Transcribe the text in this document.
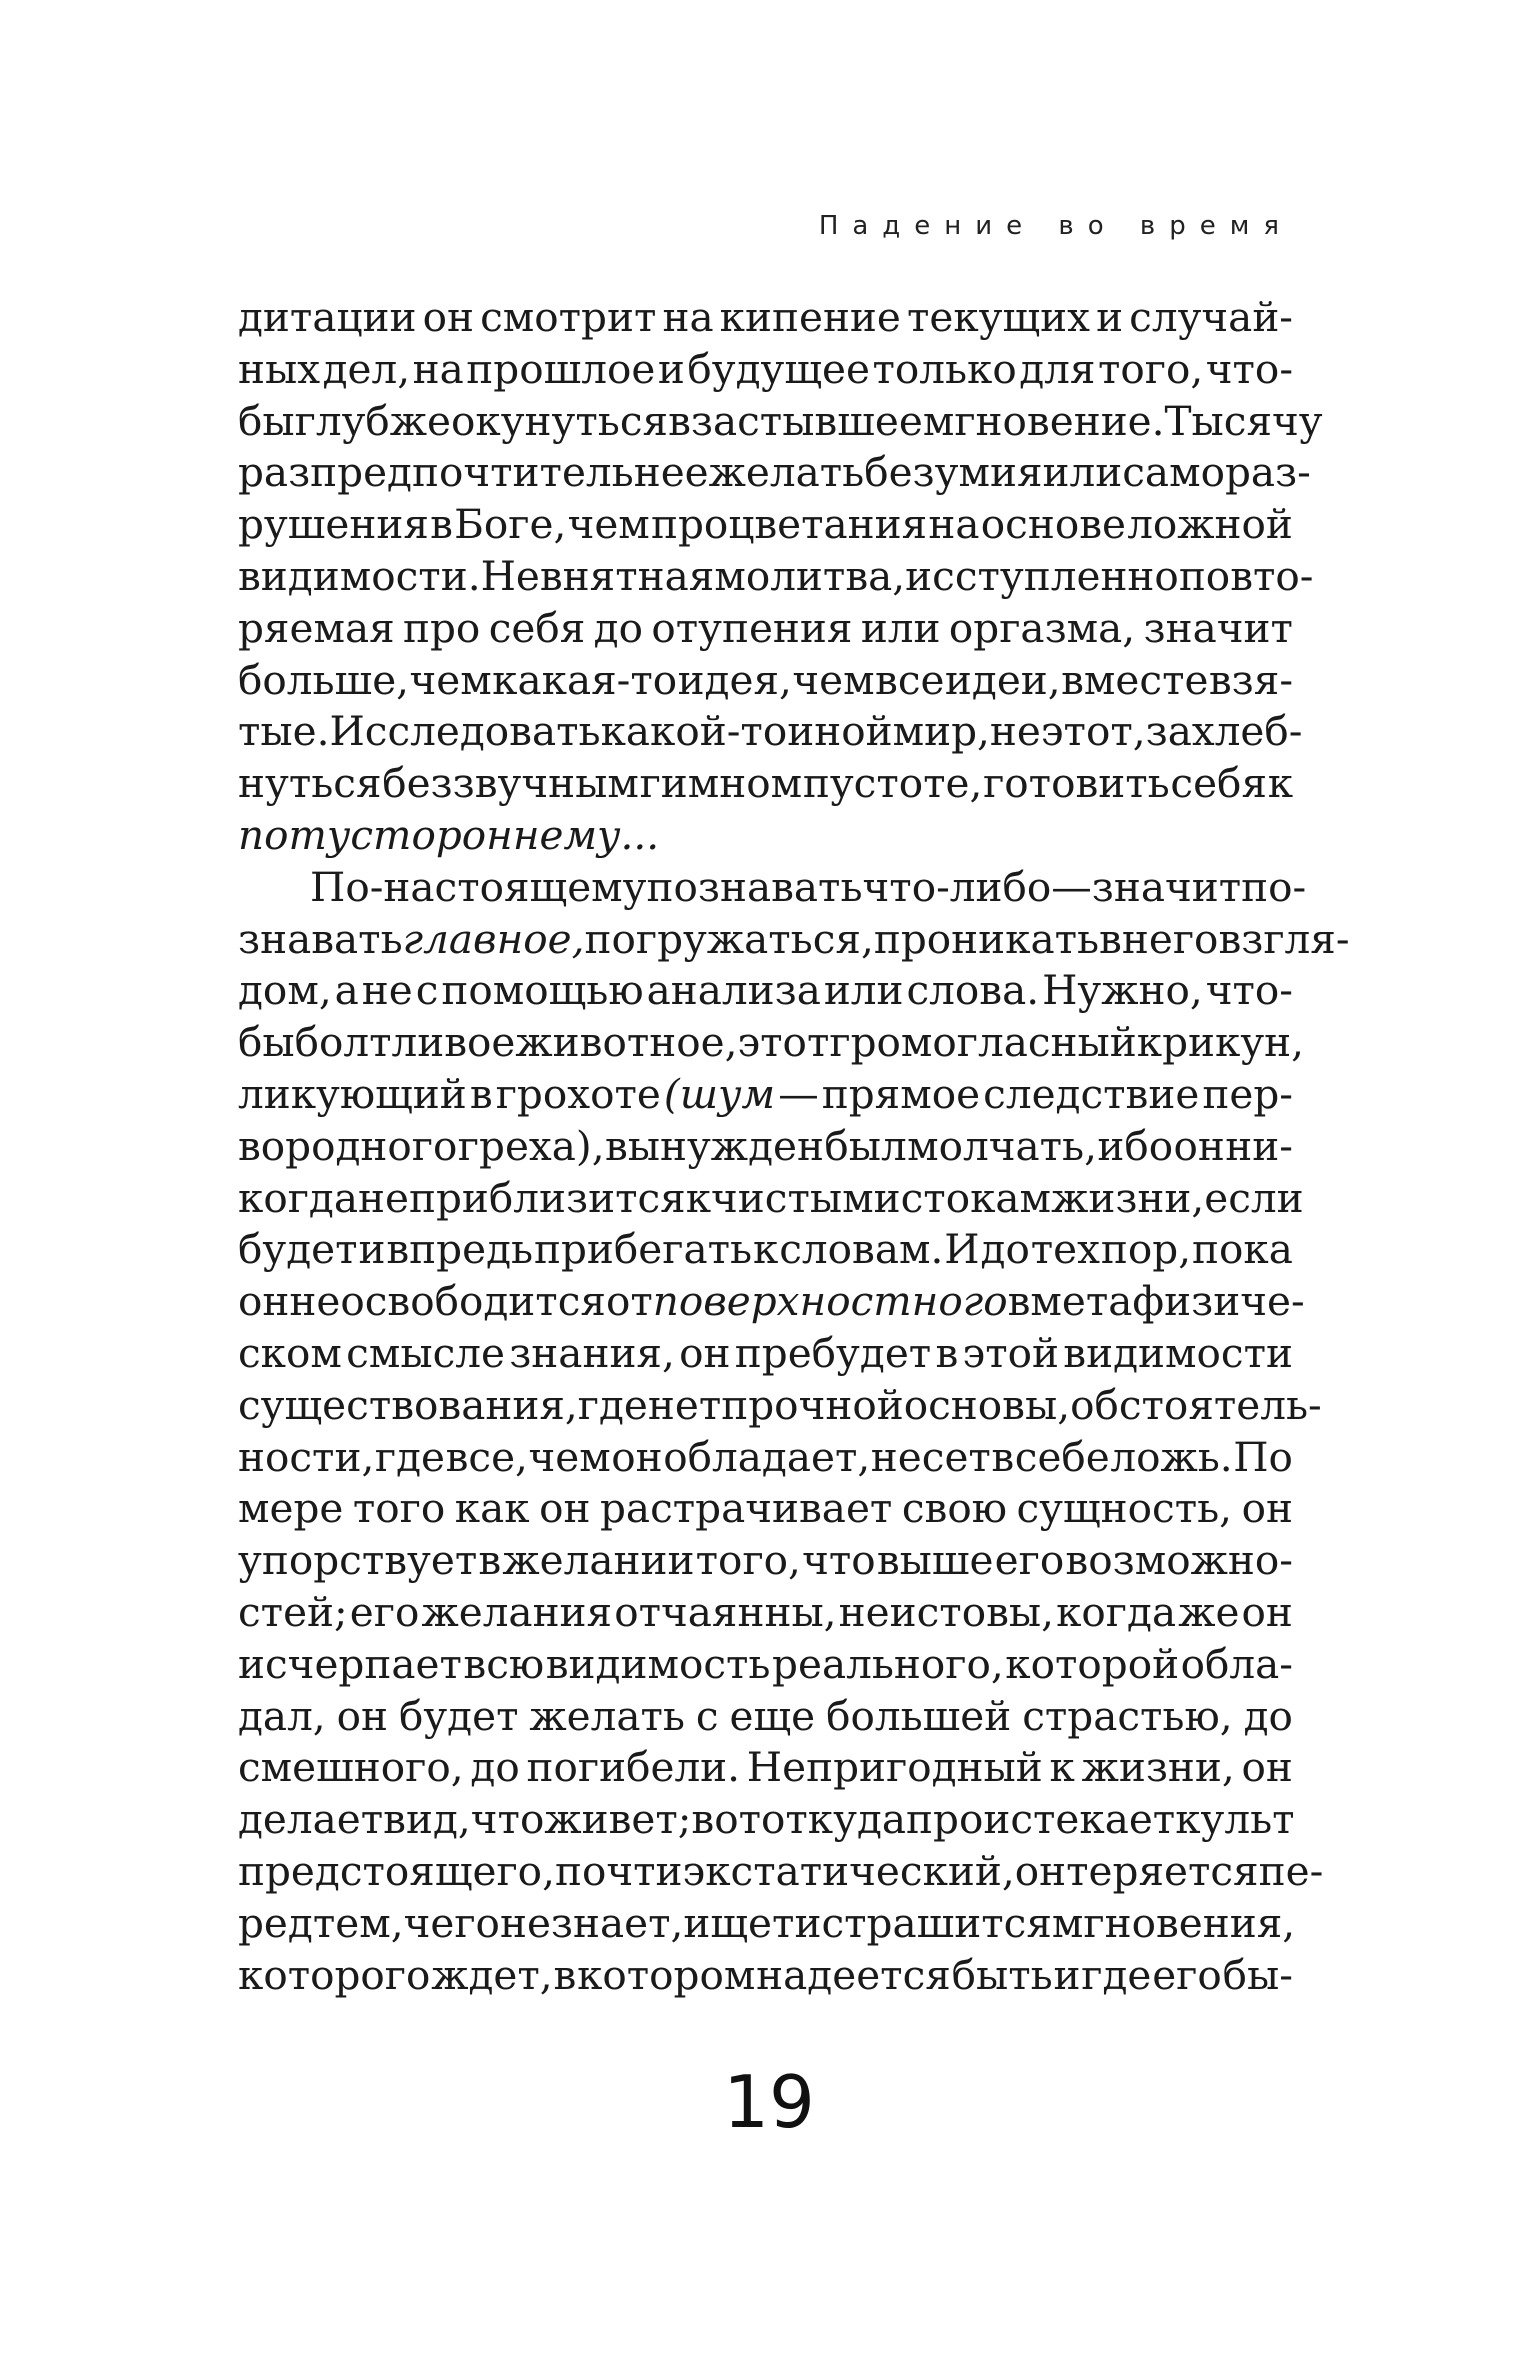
Падение во время
дитации он смотрит на кипение текущих и случай-
ных дел, на прошлое и будущее только для того, что-
бы глубже окунуться в застывшее мгновение. Тысячу
раз предпочтительнее желать безумия или самораз-
рушения в Боге, чем процветания на основе ложной
видимости. Невнятная молитва, исступленно повто-
ряемая про себя до отупения или оргазма, значит
больше, чем какая-то идея, чем все идеи, вместе взя-
тые. Исследовать какой-то иной мир, не этот, захлеб-
нуться беззвучным гимном пустоте, готовить себя к
потустороннему...
По-настоящему познавать что-либо — значит по-
знавать главное, погружаться, проникать в него взгля-
дом, а не с помощью анализа или слова. Нужно, что-
бы болтливое животное, этот громогласный крикун,
ликующий в грохоте (шум — прямое следствие пер-
вородного греха), вынужден был молчать, ибо он ни-
когда не приблизится к чистым истокам жизни, если
будет и впредь прибегать к словам. И до тех пор, пока
он не освободится от поверхностного в метафизиче-
ском смысле знания, он пребудет в этой видимости
существования, где нет прочной основы, обстоятель-
ности, где все, чем он обладает, несет в себе ложь. По
мере того как он растрачивает свою сущность, он
упорствует в желании того, что выше его возможно-
стей; его желания отчаянны, неистовы, когда же он
исчерпает всю видимость реального, которой обла-
дал, он будет желать с еще большей страстью, до
смешного, до погибели. Непригодный к жизни, он
делает вид, что живет; вот откуда проистекает культ
предстоящего, почти экстатический, он теряется пе-
ред тем, чего не знает, ищет и страшится мгновения,
которого ждет, в котором надеется быть и где его бы-
19
